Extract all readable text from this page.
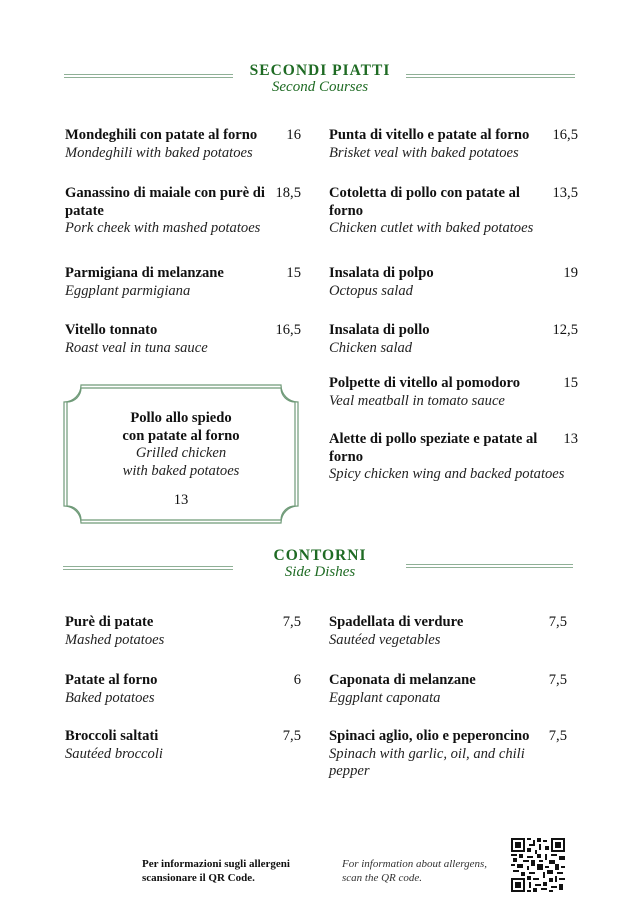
SECONDI PIATTI
Second Courses
Mondeghili con patate al forno
Mondeghili with baked potatoes
16
Ganassino di maiale con purè di patate
Pork cheek with mashed potatoes
18,5
Parmigiana di melanzane
Eggplant parmigiana
15
Vitello tonnato
Roast veal in tuna sauce
16,5
Pollo allo spiedo
con patate al forno
Grilled chicken
with baked potatoes
13
Punta di vitello e patate al forno
Brisket veal with baked potatoes
16,5
Cotoletta di pollo con patate al forno
Chicken cutlet with baked potatoes
13,5
Insalata di polpo
Octopus salad
19
Insalata di pollo
Chicken salad
12,5
Polpette di vitello al pomodoro
Veal meatball in tomato sauce
15
Alette di pollo speziate e patate al forno
Spicy chicken wing and backed potatoes
13
CONTORNI
Side Dishes
Purè di patate
Mashed potatoes
7,5
Patate al forno
Baked potatoes
6
Broccoli saltati
Sautéed broccoli
7,5
Spadellata di verdure
Sautéed vegetables
7,5
Caponata di melanzane
Eggplant caponata
7,5
Spinaci aglio, olio e peperoncino
Spinach with garlic, oil, and chili pepper
7,5
Per informazioni sugli allergeni
scansionare il QR Code.
For information about allergens,
scan the QR code.
